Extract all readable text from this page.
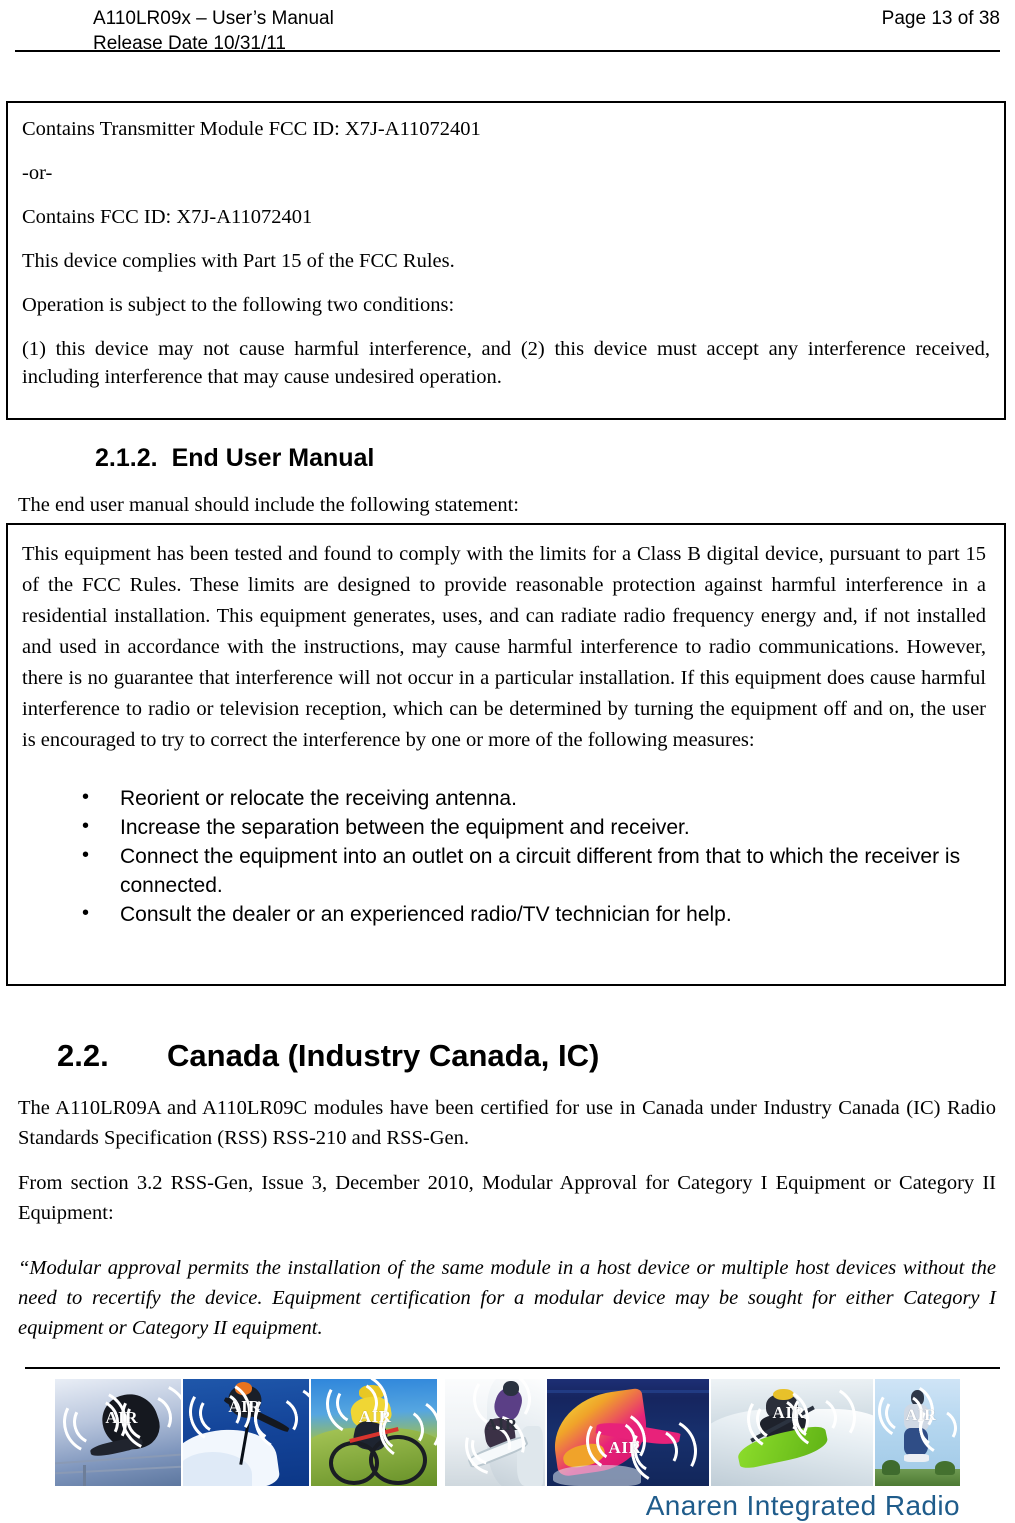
A110LR09x – User’s Manual
Release Date 10/31/11
Page 13 of 38

Contains Transmitter Module FCC ID: X7J-A11072401

-or-

Contains FCC ID: X7J-A11072401

This device complies with Part 15 of the FCC Rules.

Operation is subject to the following two conditions:

(1) this device may not cause harmful interference, and (2) this device must accept any interference received, including interference that may cause undesired operation.

2.1.2. End User Manual
The end user manual should include the following statement:

This equipment has been tested and found to comply with the limits for a Class B digital device, pursuant to part 15 of the FCC Rules. These limits are designed to provide reasonable protection against harmful interference in a residential installation. This equipment generates, uses, and can radiate radio frequency energy and, if not installed and used in accordance with the instructions, may cause harmful interference to radio communications. However, there is no guarantee that interference will not occur in a particular installation. If this equipment does cause harmful interference to radio or television reception, which can be determined by turning the equipment off and on, the user is encouraged to try to correct the interference by one or more of the following measures:

• Reorient or relocate the receiving antenna.
• Increase the separation between the equipment and receiver.
• Connect the equipment into an outlet on a circuit different from that to which the receiver is connected.
• Consult the dealer or an experienced radio/TV technician for help.
2.2. Canada (Industry Canada, IC)
The A110LR09A and A110LR09C modules have been certified for use in Canada under Industry Canada (IC) Radio Standards Specification (RSS) RSS-210 and RSS-Gen.
From section 3.2 RSS-Gen, Issue 3, December 2010, Modular Approval for Category I Equipment or Category II Equipment:
“Modular approval permits the installation of the same module in a host device or multiple host devices without the need to recertify the device. Equipment certification for a modular device may be sought for either Category I equipment or Category II equipment.
AIR
AIR
AIR	AIR
AIR
AIR	AIR
Anaren Integrated Radio
